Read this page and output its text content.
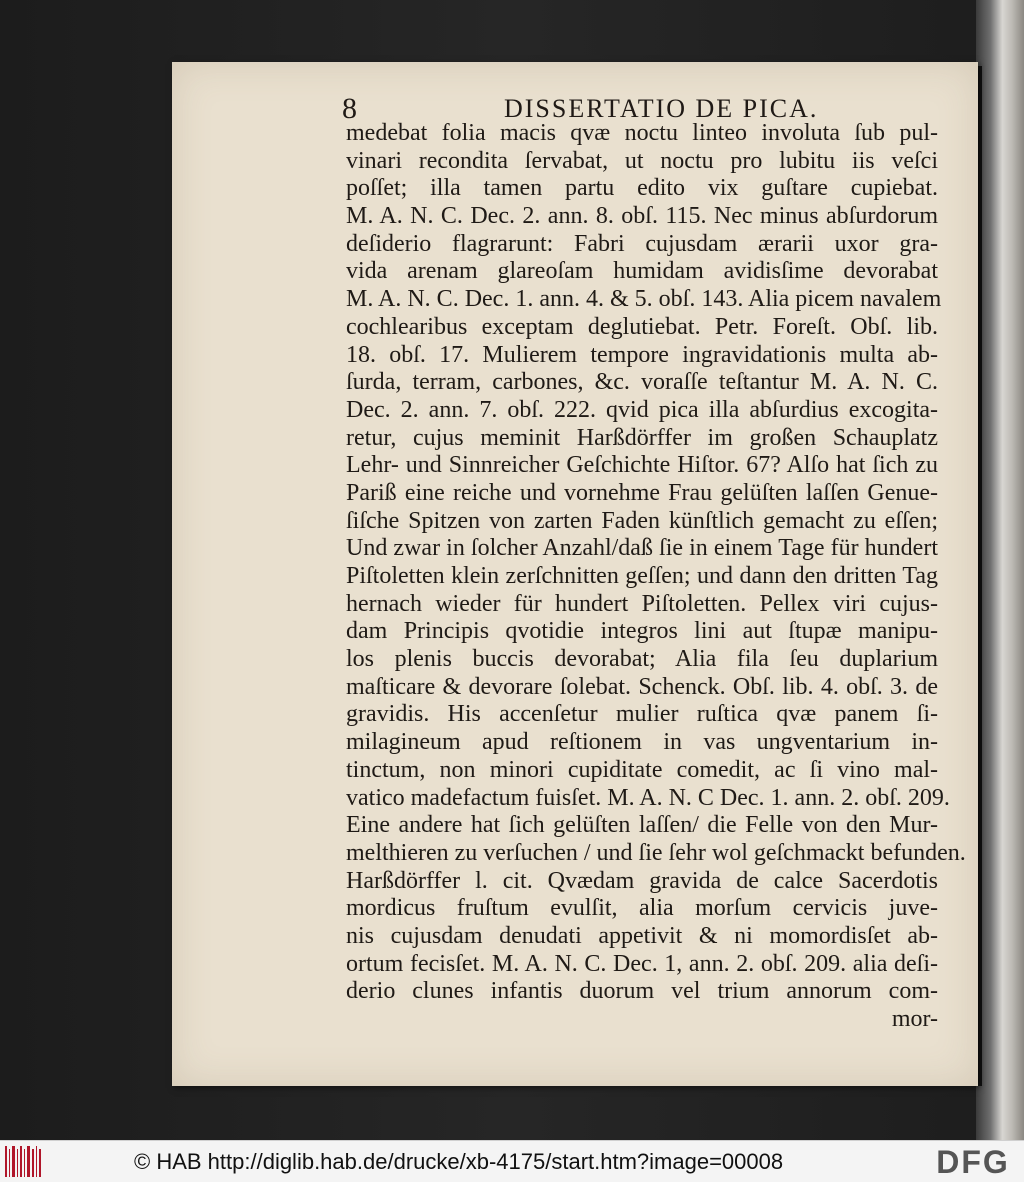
8	DISSERTATIO DE PICA.
medebat folia macis qvæ noctu linteo involuta ſub pul-
vinari recondita ſervabat, ut noctu pro lubitu iis veſci
poſſet; illa tamen partu edito vix guſtare cupiebat.
M. A. N. C. Dec. 2. ann. 8. obſ. 115. Nec minus abſurdorum
deſiderio flagrarunt: Fabri cujusdam ærarii uxor gra-
vida arenam glareoſam humidam avidisſime devorabat
M. A. N. C. Dec. 1. ann. 4. & 5. obſ. 143. Alia picem navalem
cochlearibus exceptam deglutiebat. Petr. Foreſt. Obſ. lib.
18. obſ. 17. Mulierem tempore ingravidationis multa ab-
ſurda, terram, carbones, &c. voraſſe teſtantur M. A. N. C.
Dec. 2. ann. 7. obſ. 222. qvid pica illa abſurdius excogita-
retur, cujus meminit Harßdörffer im großen Schauplatz
Lehr- und Sinnreicher Geſchichte Hiſtor. 67? Alſo hat ſich zu
Pariß eine reiche und vornehme Frau gelüſten laſſen Genue-
ſiſche Spitzen von zarten Faden künſtlich gemacht zu eſſen;
Und zwar in ſolcher Anzahl/daß ſie in einem Tage für hundert
Piſtoletten klein zerſchnitten geſſen; und dann den dritten Tag
hernach wieder für hundert Piſtoletten. Pellex viri cujus-
dam Principis qvotidie integros lini aut ſtupæ manipu-
los plenis buccis devorabat; Alia fila ſeu duplarium
maſticare & devorare ſolebat. Schenck. Obſ. lib. 4. obſ. 3. de
gravidis. His accenſetur mulier ruſtica qvæ panem ſi-
milagineum apud reſtionem in vas ungventarium in-
tinctum, non minori cupiditate comedit, ac ſi vino mal-
vatico madefactum fuisſet. M. A. N. C Dec. 1. ann. 2. obſ. 209.
Eine andere hat ſich gelüſten laſſen/ die Felle von den Mur-
melthieren zu verſuchen / und ſie ſehr wol geſchmackt befunden.
Harßdörffer l. cit. Qvædam gravida de calce Sacerdotis
mordicus fruſtum evulſit, alia morſum cervicis juve-
nis cujusdam denudati appetivit & ni momordisſet ab-
ortum fecisſet. M. A. N. C. Dec. 1, ann. 2. obſ. 209. alia deſi-
derio clunes infantis duorum vel trium annorum com-
mor-
© HAB http://diglib.hab.de/drucke/xb-4175/start.htm?image=00008	DFG
